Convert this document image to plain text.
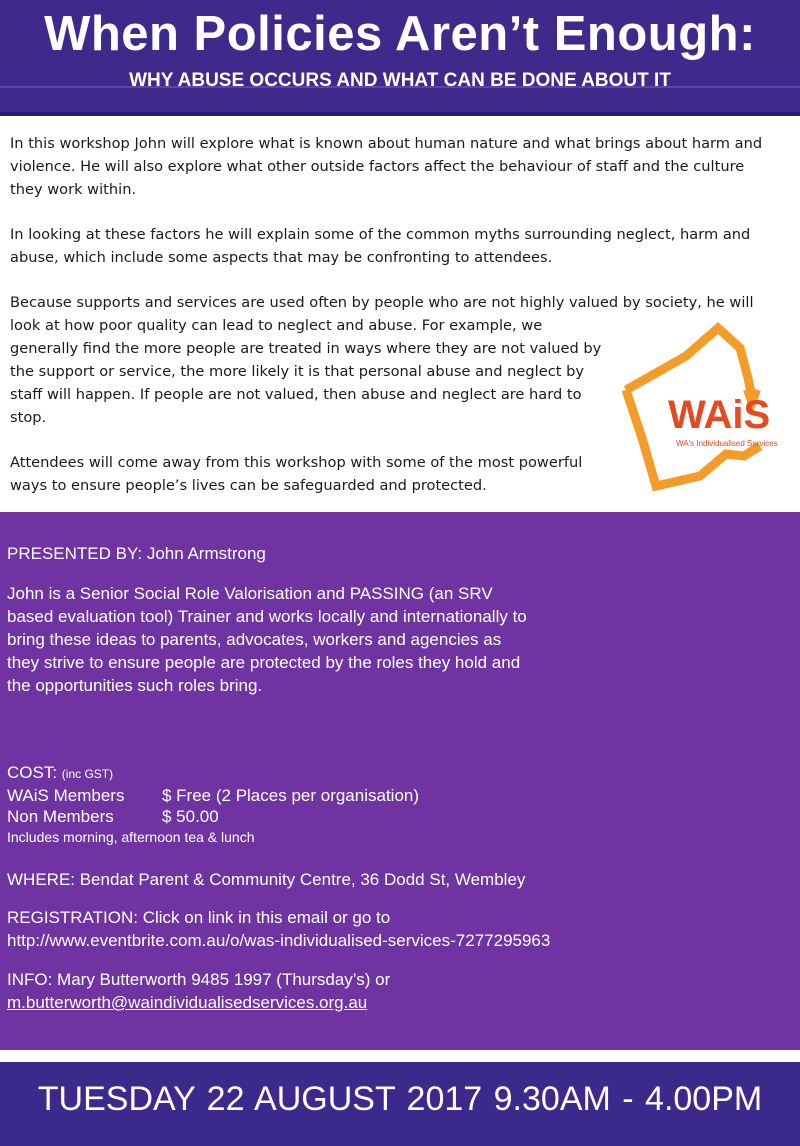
When Policies Aren’t Enough:
WHY ABUSE OCCURS AND WHAT CAN BE DONE ABOUT IT

In this workshop John will explore what is known about human nature and what brings about harm and violence. He will also explore what other outside factors affect the behaviour of staff and the culture they work within.

In looking at these factors he will explain some of the common myths surrounding neglect, harm and abuse, which include some aspects that may be confronting to attendees.

Because supports and services are used often by people who are not highly valued by society, he will look at how poor quality can lead to neglect and abuse. For example, we
generally find the more people are treated in ways where they are not valued by the support or service, the more likely it is that personal abuse and neglect by staff will happen. If people are not valued, then abuse and neglect are hard to stop.

Attendees will come away from this workshop with some of the most powerful ways to ensure people’s lives can be safeguarded and protected.

WAiS
WA's Individualised Services
PRESENTED BY: John Armstrong
John is a Senior Social Role Valorisation and PASSING (an SRV based evaluation tool) Trainer and works locally and internationally to bring these ideas to parents, advocates, workers and agencies as they strive to ensure people are protected by the roles they hold and the opportunities such roles bring.
COST: (inc GST)
WAiS Members $ Free (2 Places per organisation)
Non Members	$ 50.00
Includes morning, afternoon tea & lunch
WHERE: Bendat Parent & Community Centre, 36 Dodd St, Wembley
REGISTRATION: Click on link in this email or go to
http://www.eventbrite.com.au/o/was-individualised-services-7277295963
INFO: Mary Butterworth 9485 1997 (Thursday’s) or
m.butterworth@waindividualisedservices.org.au
TUESDAY 22 AUGUST 2017 9.30AM - 4.00PM
